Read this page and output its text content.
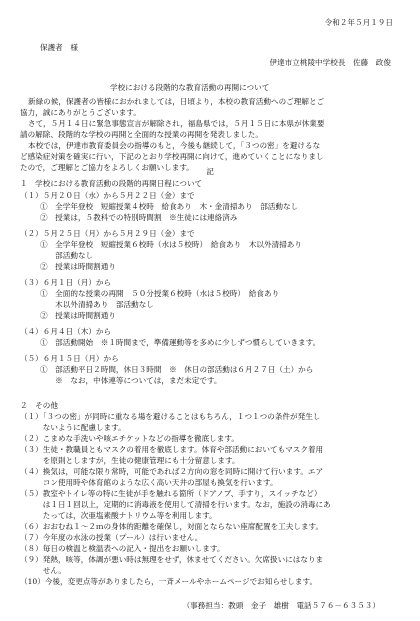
令和２年５月１９日
保護者　様
伊達市立桃陵中学校長　佐藤　政俊
学校における段階的な教育活動の再開について
新緑の候，保護者の皆様におかれましては，日頃より，本校の教育活動へのご理解とご
協力，誠にありがとうございます。
さて，５月１４日に緊急事態宣言が解除され，福島県では，５月１５日に本県が休業要
請の解除、段階的な学校の再開と全面的な授業の再開を発表しました。
本校では，伊達市教育委員会の指導のもと，今後も継続して，「３つの密」を避けるな
ど感染症対策を確実に行い，下記のとおり学校再開に向けて，進めていくことになりまし
たので，ご理解とご協力をよろしくお願いします。	記
１　学校における教育活動の段階的再開日程について
（１）５月２０日（水）から５月２２日（金）まで
①　全学年登校　短縮授業４校時　給食あり　木・金清掃あり　部活動なし
②　授業は，５教科での特別時間割　※生徒には連絡済み
（２）５月２５日（月）から５月２９日（金）まで
①　全学年登校　短縮授業６校時（水は５校時）　給食あり　木以外清掃あり
　　部活動なし
②　授業は時間割通り
（３）６月１日（月）から
①　全面的な授業の再開　５０分授業６校時（水は５校時）　給食あり
　　木以外清掃あり　部活動なし
②　授業は時間割通り
（４）６月４日（木）から
①　部活動開始　※１時間まで，準備運動等を多めに少しずつ慣らしていきます。
（５）６月１５日（月）から
①　部活動平日２時間，休日３時間　※　休日の部活動は６月２７日（土）から
　　※　なお，中体連等については，まだ未定です。
２　その他
（１）「３つの密」が同時に重なる場を避けることはもちろん，１つ１つの条件が発生し
　　　ないように配慮します。
（２）こまめな手洗いや咳エチケットなどの指導を徹底します。
（３）生徒・教職員ともマスクの着用を徹底します。体育や部活動においてもマスク着用
　　　を原則としますが，生徒の健康管理にも十分留意します。
（４）換気は，可能な限り常時，可能であれば２方向の窓を同時に開けて行います。エア
　　　コン使用時や体育館のような広く高い天井の部屋も換気を行います。
（５）教室やトイレ等の特に生徒が手を触れる箇所（ドアノブ、手すり，スイッチなど）
　　　は１日１回以上，定期的に消毒液を使用して清掃を行います。なお，施設の消毒にあ
　　　たっては，次亜塩素酸ナトリウム等を利用します。
（６）おおむね１～２ｍの身体的距離を確保し，対面とならない座席配置を工夫します。
（７）今年度の水泳の授業（プール）は行いません。
（８）毎日の検温と検温表への記入・提出をお願いします。
（９）発熱，咳等，体調が悪い時は無理をせず，休ませてください。欠席扱いにはなりま
　　　せん。
（10）今後，変更点等がありましたら，一斉メールやホームページでお知らせします。
（事務担当：教頭　金子　雄樹　電話５７６－６３５３）
